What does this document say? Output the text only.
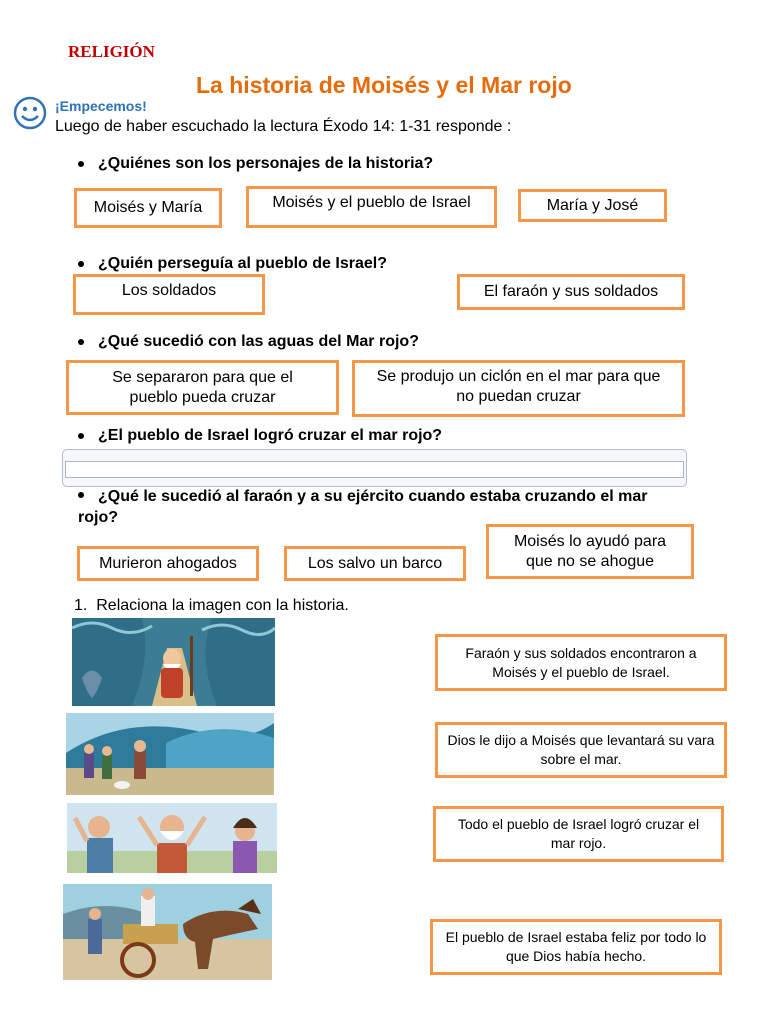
RELIGIÓN
La historia de Moisés y el Mar rojo
¡Empecemos!
Luego de haber escuchado la lectura Éxodo 14: 1-31 responde :
¿Quiénes son los personajes de la historia?
Moisés y María	Moisés y el pueblo de Israel	María y José
¿Quién perseguía al pueblo de Israel?
Los soldados	El faraón y sus soldados
¿Qué sucedió con las aguas del Mar rojo?
Se separaron para que el pueblo pueda cruzar
Se produjo un ciclón en el mar para que no puedan cruzar
¿El pueblo de Israel logró cruzar el mar rojo?
¿Qué le sucedió al faraón y a su ejército cuando estaba cruzando el mar rojo?
Murieron ahogados	Los salvo un barco
Moisés lo ayudó para que no se ahogue
1. Relaciona la imagen con la historia.
Faraón y sus soldados encontraron a Moisés y el pueblo de Israel.
Dios le dijo a Moisés que levantará su vara sobre el mar.
Todo el pueblo de Israel logró cruzar el mar rojo.
El pueblo de Israel estaba feliz por todo lo que Dios había hecho.
